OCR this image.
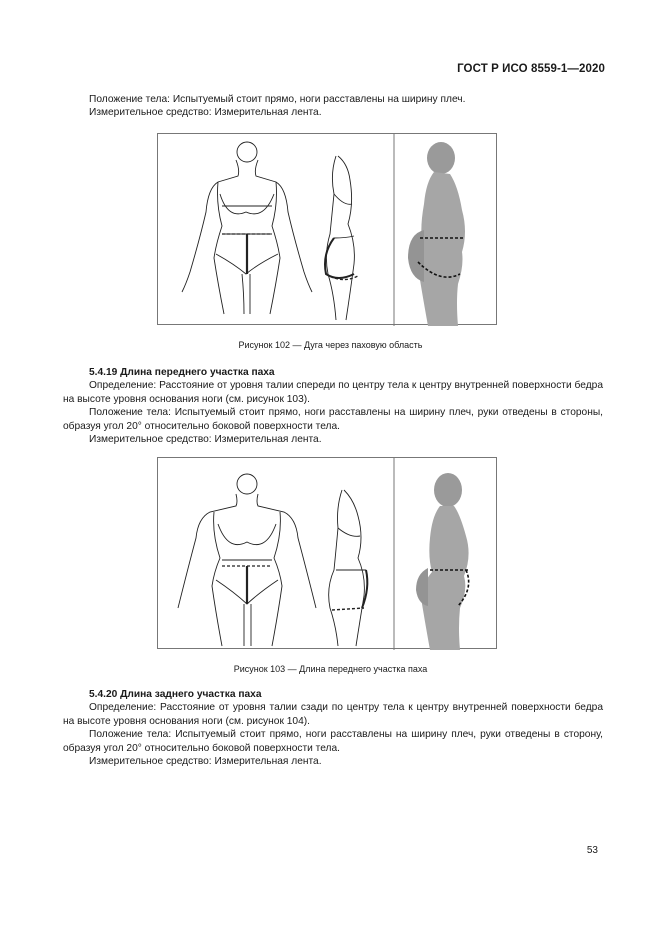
ГОСТ Р ИСО 8559-1—2020
Положение тела: Испытуемый стоит прямо, ноги расставлены на ширину плеч.
Измерительное средство: Измерительная лента.
Рисунок 102 — Дуга через паховую область
5.4.19 Длина переднего участка паха
Определение: Расстояние от уровня талии спереди по центру тела к центру внутренней поверхности бедра на высоте уровня основания ноги (см. рисунок 103).
Положение тела: Испытуемый стоит прямо, ноги расставлены на ширину плеч, руки отведены в стороны, образуя угол 20° относительно боковой поверхности тела.
Измерительное средство: Измерительная лента.
Рисунок 103 — Длина переднего участка паха
5.4.20 Длина заднего участка паха
Определение: Расстояние от уровня талии сзади по центру тела к центру внутренней поверхности бедра на высоте уровня основания ноги (см. рисунок 104).
Положение тела: Испытуемый стоит прямо, ноги расставлены на ширину плеч, руки отведены в сторону, образуя угол 20° относительно боковой поверхности тела.
Измерительное средство: Измерительная лента.
53
